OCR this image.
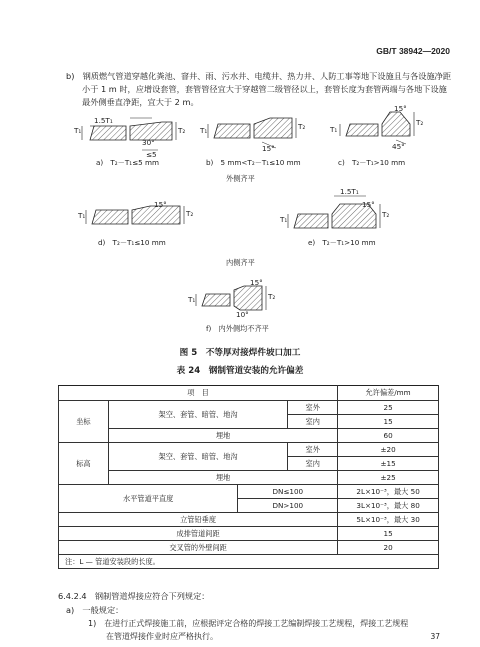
GB/T 38942—2020
b)　钢质燃气管道穿越化粪池、窨井、雨、污水井、电缆井、热力井、人防工事等地下设施且与各设施净距小于 1 m 时，应增设套管，套管管径宜大于穿越管二级管径以上，套管长度为套管两端与各地下设施最外侧垂直净距，宜大于 2 m。
1.5T₁
30°
≤5
T₁	T₂ T₁	T₂
15°
T₁
T₂
15°
45°
T₁	T₂
15°
T₁
T₂
1.5T₁
15°
T₁	T₂
15°
10°
a)　T₂－T₁≤5 mm	b)　5 mm<T₂－T₁≤10 mm	c)　T₂－T₁>10 mm
外侧齐平
d)　T₂－T₁≤10 mm	e)　T₂－T₁>10 mm
内侧齐平
f)　内外侧均不齐平
图 5　不等厚对接焊件坡口加工
表 24　钢制管道安装的允许偏差
项　目				允许偏差/mm
坐标	架空、套管、暗管、地沟		室外	25
			室内	15
	埋地			60
标高	架空、套管、暗管、地沟		室外	±20
			室内	±15
	埋地			±25
水平管道平直度		DN≤100		2L×10⁻³，最大 50
		DN>100		3L×10⁻³，最大 80
立管铅垂度				5L×10⁻³，最大 30
成排管道间距				15
交叉管的外壁间距				20
注：L — 管道安装段的长度。				
6.4.2.4　钢制管道焊接应符合下列规定：
a)　一般规定：
1)　在进行正式焊接施工前，应根据评定合格的焊接工艺编制焊接工艺规程，焊接工艺规程
在管道焊接作业时应严格执行。	37
